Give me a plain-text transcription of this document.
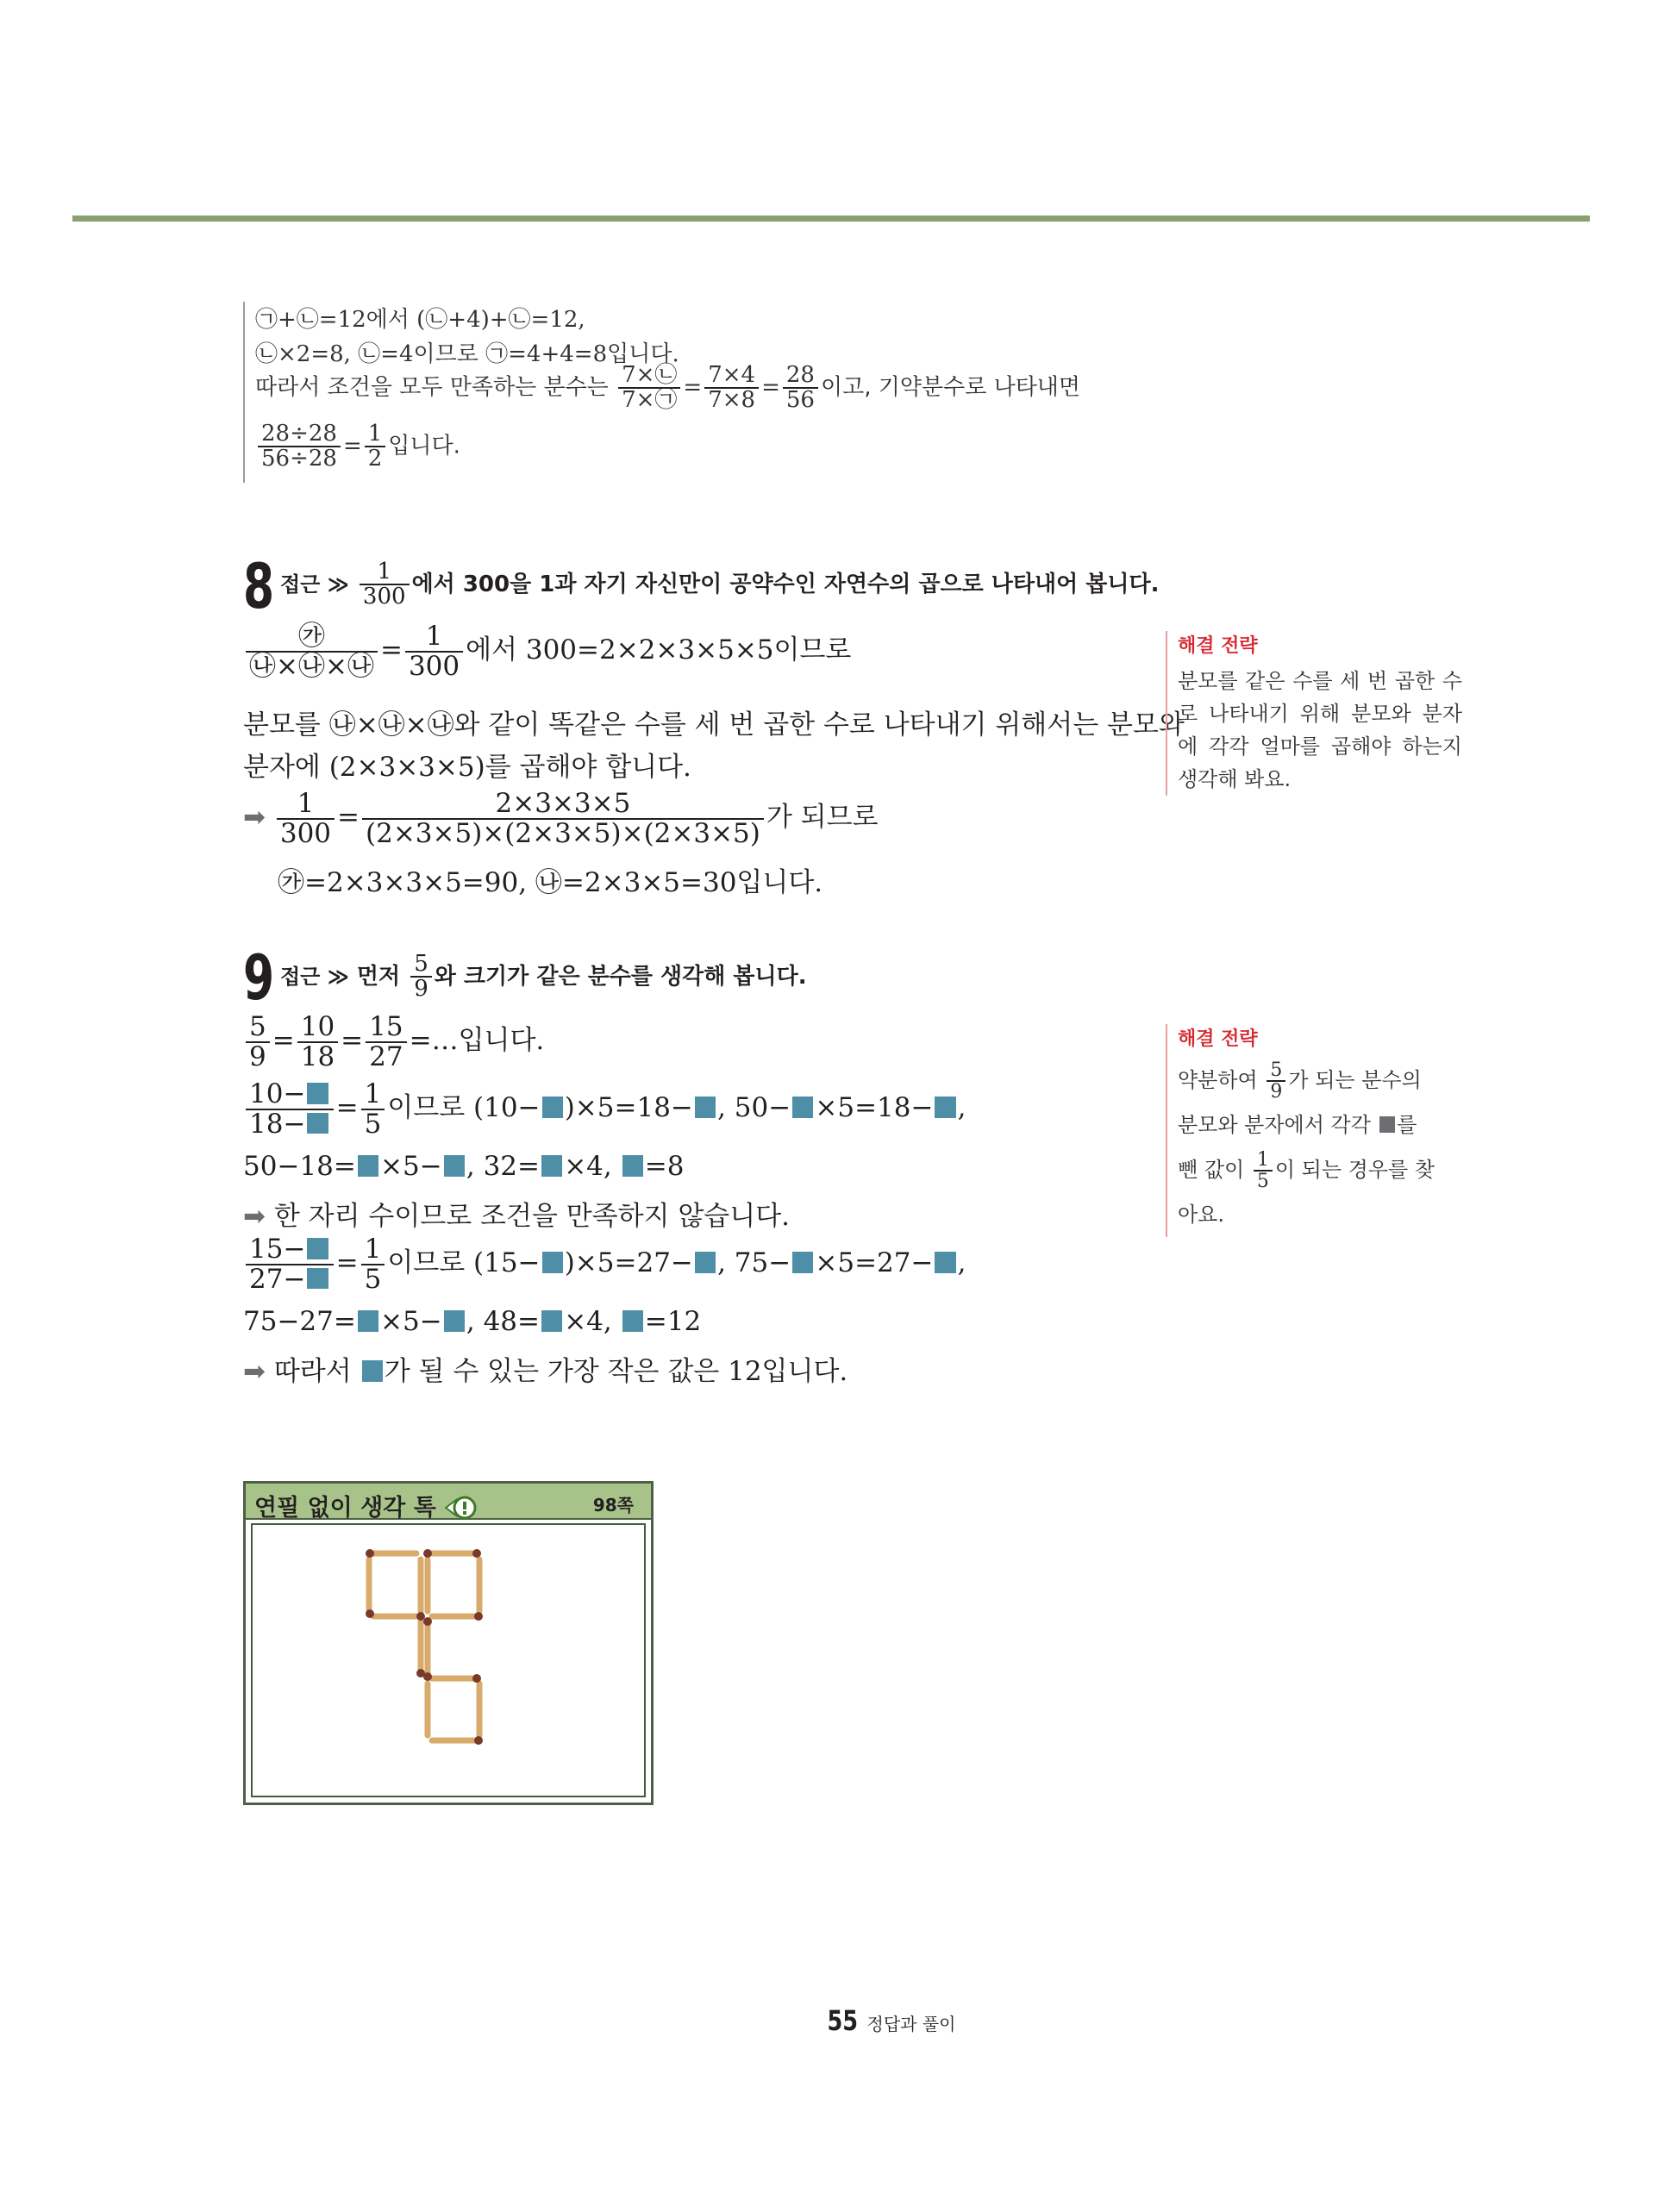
㉠+㉡=12에서 (㉡+4)+㉡=12,
㉡×2=8, ㉡=4이므로 ㉠=4+4=8입니다.
따라서 조건을 모두 만족하는 분수는 $\frac{7\times㉡}{7\times㉠} = \frac{7\times 4}{7\times 8} = \frac{28}{56}$ 이고, 기약분수로 나타내면
$\frac{28\div 28}{56\div 28} = \frac{1}{2}$ 입니다.
8 접근 ≫ $\frac{1}{300}$ 에서 300을 1과 자기 자신만이 공약수인 자연수의 곱으로 나타내어 봅니다.
$\frac{㉮}{㉯\times㉯\times㉯} = \frac{1}{300}$ 에서 300=2×2×3×5×5이므로
분모를 ㉯×㉯×㉯와 같이 똑같은 수를 세 번 곱한 수로 나타내기 위해서는 분모와
분자에 (2×3×3×5)를 곱해야 합니다.
➡ $\frac{1}{300} = \frac{2\times 3\times 3\times 5}{(2\times 3\times 5)\times(2\times 3\times 5)\times(2\times 3\times 5)}$ 가 되므로
㉮=2×3×3×5=90, ㉯=2×3×5=30입니다.
해결 전략
분모를 같은 수를 세 번 곱한 수로 나타내기 위해 분모와 분자에 각각 얼마를 곱해야 하는지 생각해 봐요.
9 접근 ≫ 먼저 $\frac{5}{9}$ 와 크기가 같은 분수를 생각해 봅니다.
$\frac{5}{9} = \frac{10}{18} = \frac{15}{27}$ =…입니다.
$\frac{10-}{18-} = \frac{1}{5}$ 이므로 (10− )×5=18− , 50− ×5=18− ,
50−18= ×5− , 32= ×4, =8
➡ 한 자리 수이므로 조건을 만족하지 않습니다.
$\frac{15-}{27-} = \frac{1}{5}$ 이므로 (15− )×5=27− , 75− ×5=27− ,
75−27= ×5− , 48= ×4, =12
➡ 따라서 가 될 수 있는 가장 작은 값은 12입니다.
해결 전략
약분하여 $\frac{5}{9}$ 가 되는 분수의
분모와 분자에서 각각 를
뺀 값이 $\frac{1}{5}$ 이 되는 경우를 찾
아요.
연필 없이 생각 톡	98쪽
55 정답과 풀이
